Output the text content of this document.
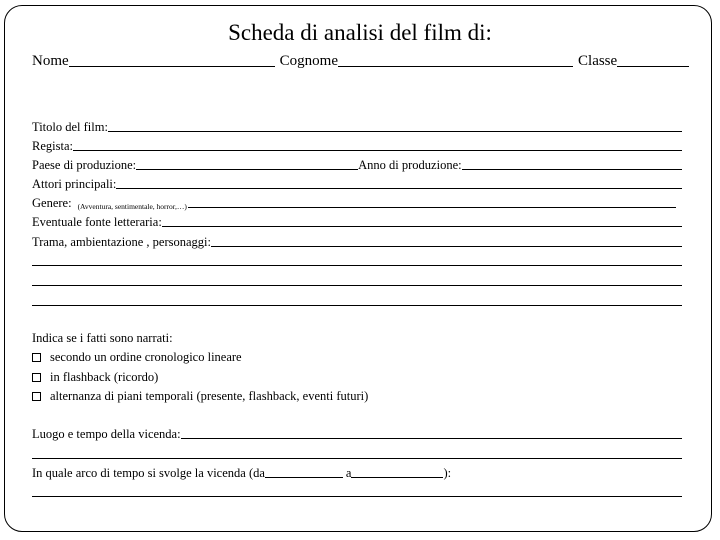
Scheda di analisi del film di:
Nome	Cognome	Classe
Titolo del film:
Regista:
Paese di produzione:	Anno di produzione:
Attori principali:
Genere: (Avventura, sentimentale, horror,…)
Eventuale fonte letteraria:
Trama, ambientazione , personaggi:
Indica se i fatti sono narrati:
secondo un ordine cronologico lineare
in flashback (ricordo)
alternanza di piani temporali (presente, flashback, eventi futuri)
Luogo e tempo della vicenda:
In quale arco di tempo si svolge la vicenda (da	a	):
